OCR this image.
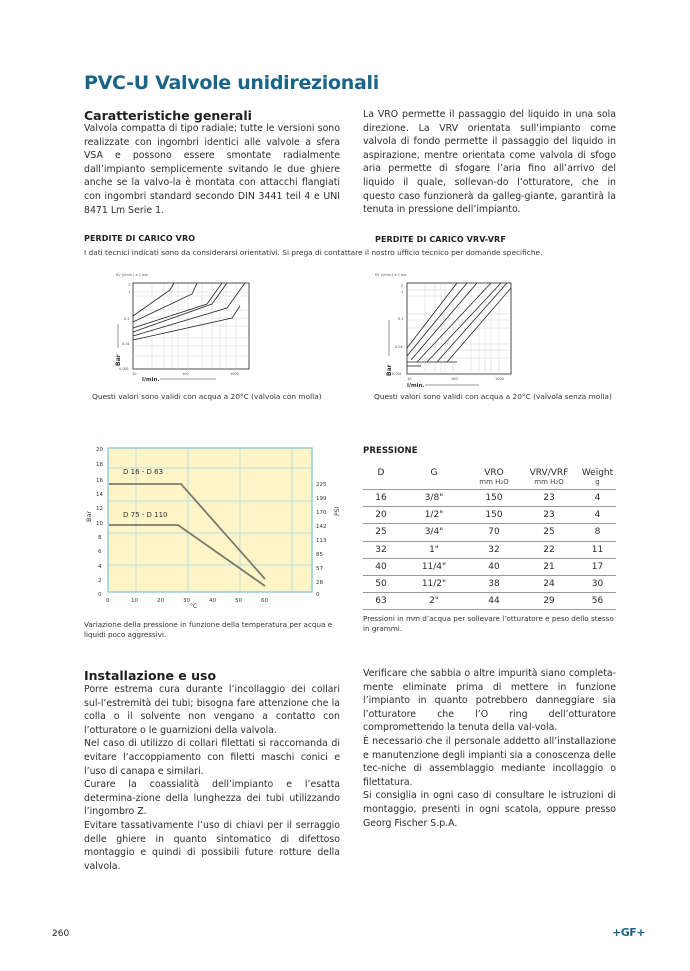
PVC-U Valvole unidirezionali
Caratteristiche generali
Valvola compatta di tipo radiale; tutte le versioni sono realizzate con ingombri identici alle valvole a sfera VSA e possono essere smontate radialmente dall’impianto semplicemente svitando le due ghiere anche se la valvo-la è montata con attacchi flangiati con ingombri standard secondo DIN 3441 teil 4 e UNI 8471 Lm Serie 1.
La VRO permette il passaggio del liquido in una sola direzione. La VRV orientata sull’impianto come valvola di fondo permette il passaggio del liquido in aspirazione, mentre orientata come valvola di sfogo aria permette di sfogare l’aria fino all’arrivo del liquido il quale, sollevan-do l’otturatore, che in questo caso funzionerà da galleg-giante, garantirà la tenuta in pressione dell’impianto.
PERDITE DI CARICO VRO	PERDITE DI CARICO VRV-VRF
I dati tecnici indicati sono da considerarsi orientativi. Si prega di contattare il nostro ufficio tecnico per domande specifiche.
KV (l/min.) a 1 bar
2
1
0.1
0.01
0.001
10	100	1000
Bar
l/min.
KV (l/min.) a 1 bar
2
1
0.1
0.01
0.001
10	100	1000
Bar
l/min.
Questi valori sono validi con acqua a 20°C (valvola con molla)	Questi valori sono validi con acqua a 20°C (valvola senza molla)
D 16 - D 63
D 75 - D 110
20
18
16
14
12
10
8
6
4
2
0
225
199
170
142
113
85
57
28
0
0	10	20	30	40	50	60
°C
Bar	PSI
Variazione della pressione in funzione della temperatura per acqua e liquidi poco aggressivi.
PRESSIONE
D	G	VRO	VRV/VRF	Weight
		mm H₂O	mm H₂O	g
16	3/8"	150	23	4
20	1/2"	150	23	4
25	3/4"	70	25	8
32	1"	32	22	11
40	11/4"	40	21	17
50	11/2"	38	24	30
63	2"	44	29	56
Pressioni in mm d’acqua per sollevare l’otturatore e peso dello stesso in grammi.
Installazione e uso

Porre estrema cura durante l’incollaggio dei collari sul-l’estremità dei tubi; bisogna fare attenzione che la colla o il solvente non vengano a contatto con l’otturatore o le guarnizioni della valvola.

Nel caso di utilizzo di collari filettati si raccomanda di evitare l’accoppiamento con filetti maschi conici e l’uso di canapa e similari.

Curare la coassialità dell’impianto e l’esatta determina-zione della lunghezza dei tubi utilizzando l’ingombro Z.

Evitare tassativamente l’uso di chiavi per il serraggio delle ghiere in quanto sintomatico di difettoso montaggio e quindi di possibili future rotture della valvola.

Verificare che sabbia o altre impurità siano completa-mente eliminate prima di mettere in funzione l’impianto in quanto potrebbero danneggiare sia l’otturatore che l’O ring dell’otturatore compromettendo la tenuta della val-vola.

È necessario che il personale addetto all’installazione e manutenzione degli impianti sia a conoscenza delle tec-niche di assemblaggio mediante incollaggio o filettatura.

Si consiglia in ogni caso di consultare le istruzioni di montaggio, presenti in ogni scatola, oppure presso Georg Fischer S.p.A.

260	+GF+
